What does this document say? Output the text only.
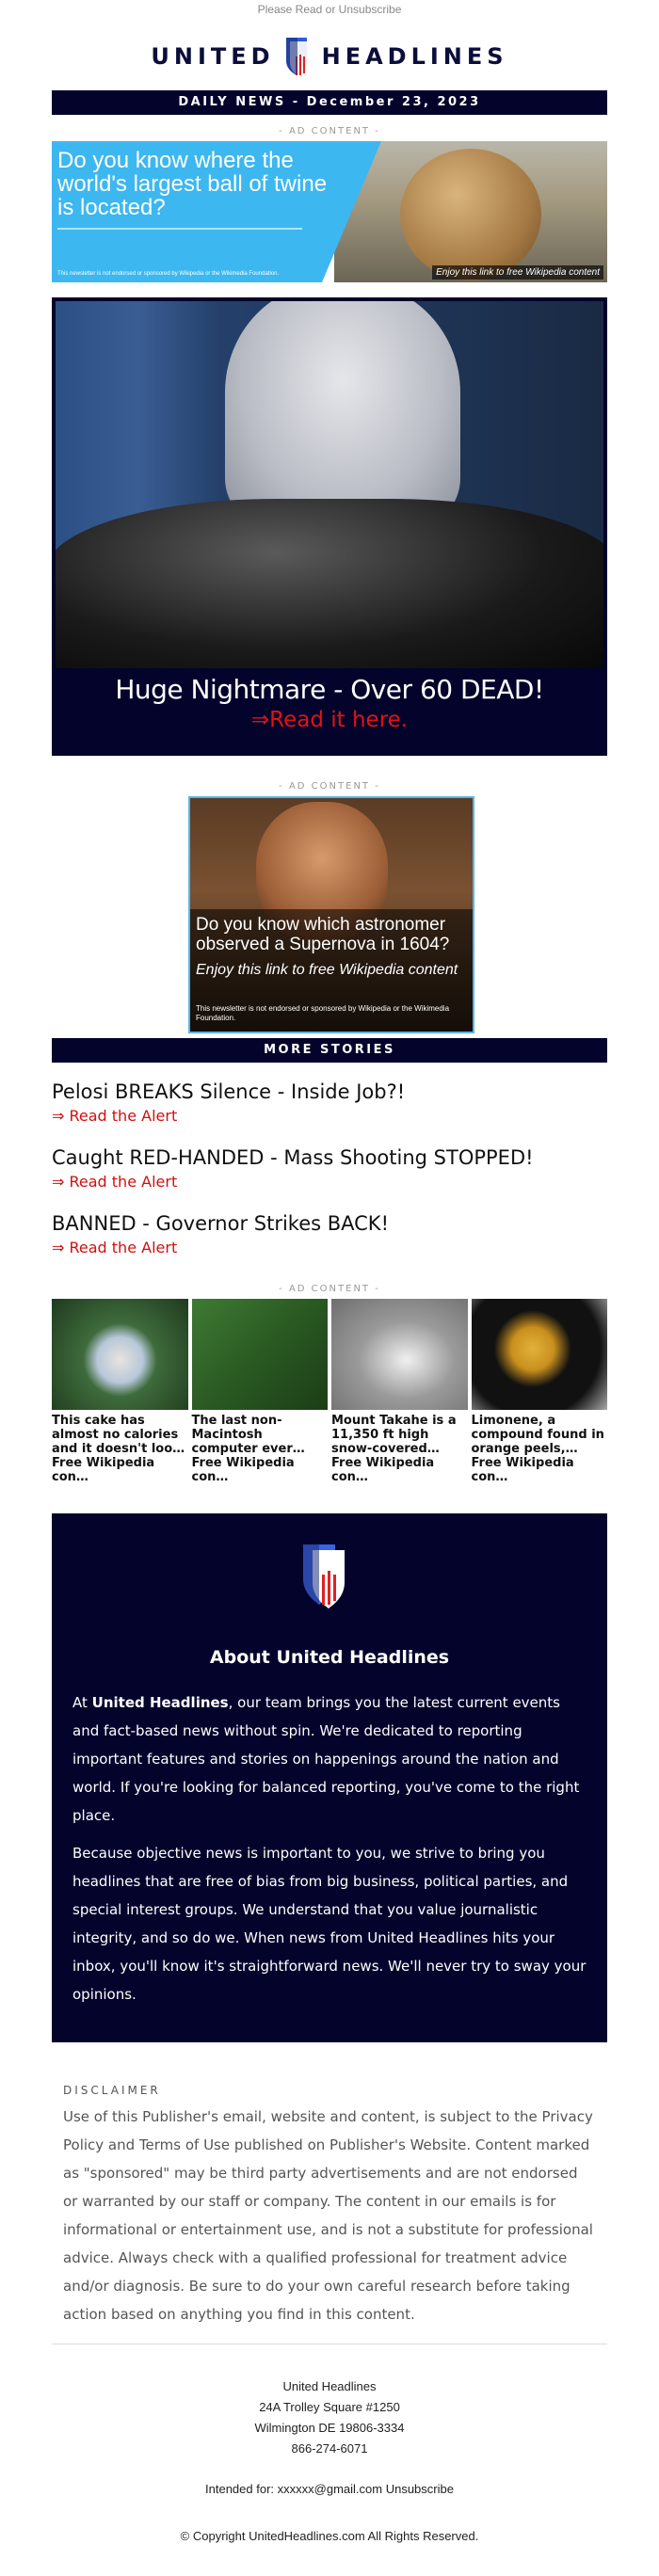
Please Read or Unsubscribe
UNITED HEADLINES
DAILY NEWS - December 23, 2023
- AD CONTENT -
Do you know where the world's largest ball of twine is located?
This newsletter is not endorsed or sponsored by Wikipedia or the Wikimedia Foundation.	Enjoy this link to free Wikipedia content
Huge Nightmare - Over 60 DEAD!
⇒Read it here.
- AD CONTENT -
Do you know which astronomer observed a Supernova in 1604?
Enjoy this link to free Wikipedia content
This newsletter is not endorsed or sponsored by Wikipedia or the Wikimedia Foundation.
MORE STORIES
Pelosi BREAKS Silence - Inside Job?!
⇒ Read the Alert
Caught RED-HANDED - Mass Shooting STOPPED!
⇒ Read the Alert
BANNED - Governor Strikes BACK!
⇒ Read the Alert
- AD CONTENT -
This cake has almost no calories and it doesn't loo…
Free Wikipedia con…
The last non-Macintosh computer ever…
Free Wikipedia con…
Mount Takahe is a 11,350 ft high snow-covered…
Free Wikipedia con…
Limonene, a compound found in orange peels,…
Free Wikipedia con…
About United Headlines
At United Headlines, our team brings you the latest current events and fact-based news without spin. We're dedicated to reporting important features and stories on happenings around the nation and world. If you're looking for balanced reporting, you've come to the right place.
Because objective news is important to you, we strive to bring you headlines that are free of bias from big business, political parties, and special interest groups. We understand that you value journalistic integrity, and so do we. When news from United Headlines hits your inbox, you'll know it's straightforward news. We'll never try to sway your opinions.
DISCLAIMER
Use of this Publisher's email, website and content, is subject to the Privacy Policy and Terms of Use published on Publisher's Website. Content marked as "sponsored" may be third party advertisements and are not endorsed or warranted by our staff or company. The content in our emails is for informational or entertainment use, and is not a substitute for professional advice. Always check with a qualified professional for treatment advice and/or diagnosis. Be sure to do your own careful research before taking action based on anything you find in this content.
United Headlines
24A Trolley Square #1250
Wilmington DE 19806-3334
866-274-6071
Intended for: xxxxxx@gmail.com Unsubscribe
© Copyright UnitedHeadlines.com All Rights Reserved.
